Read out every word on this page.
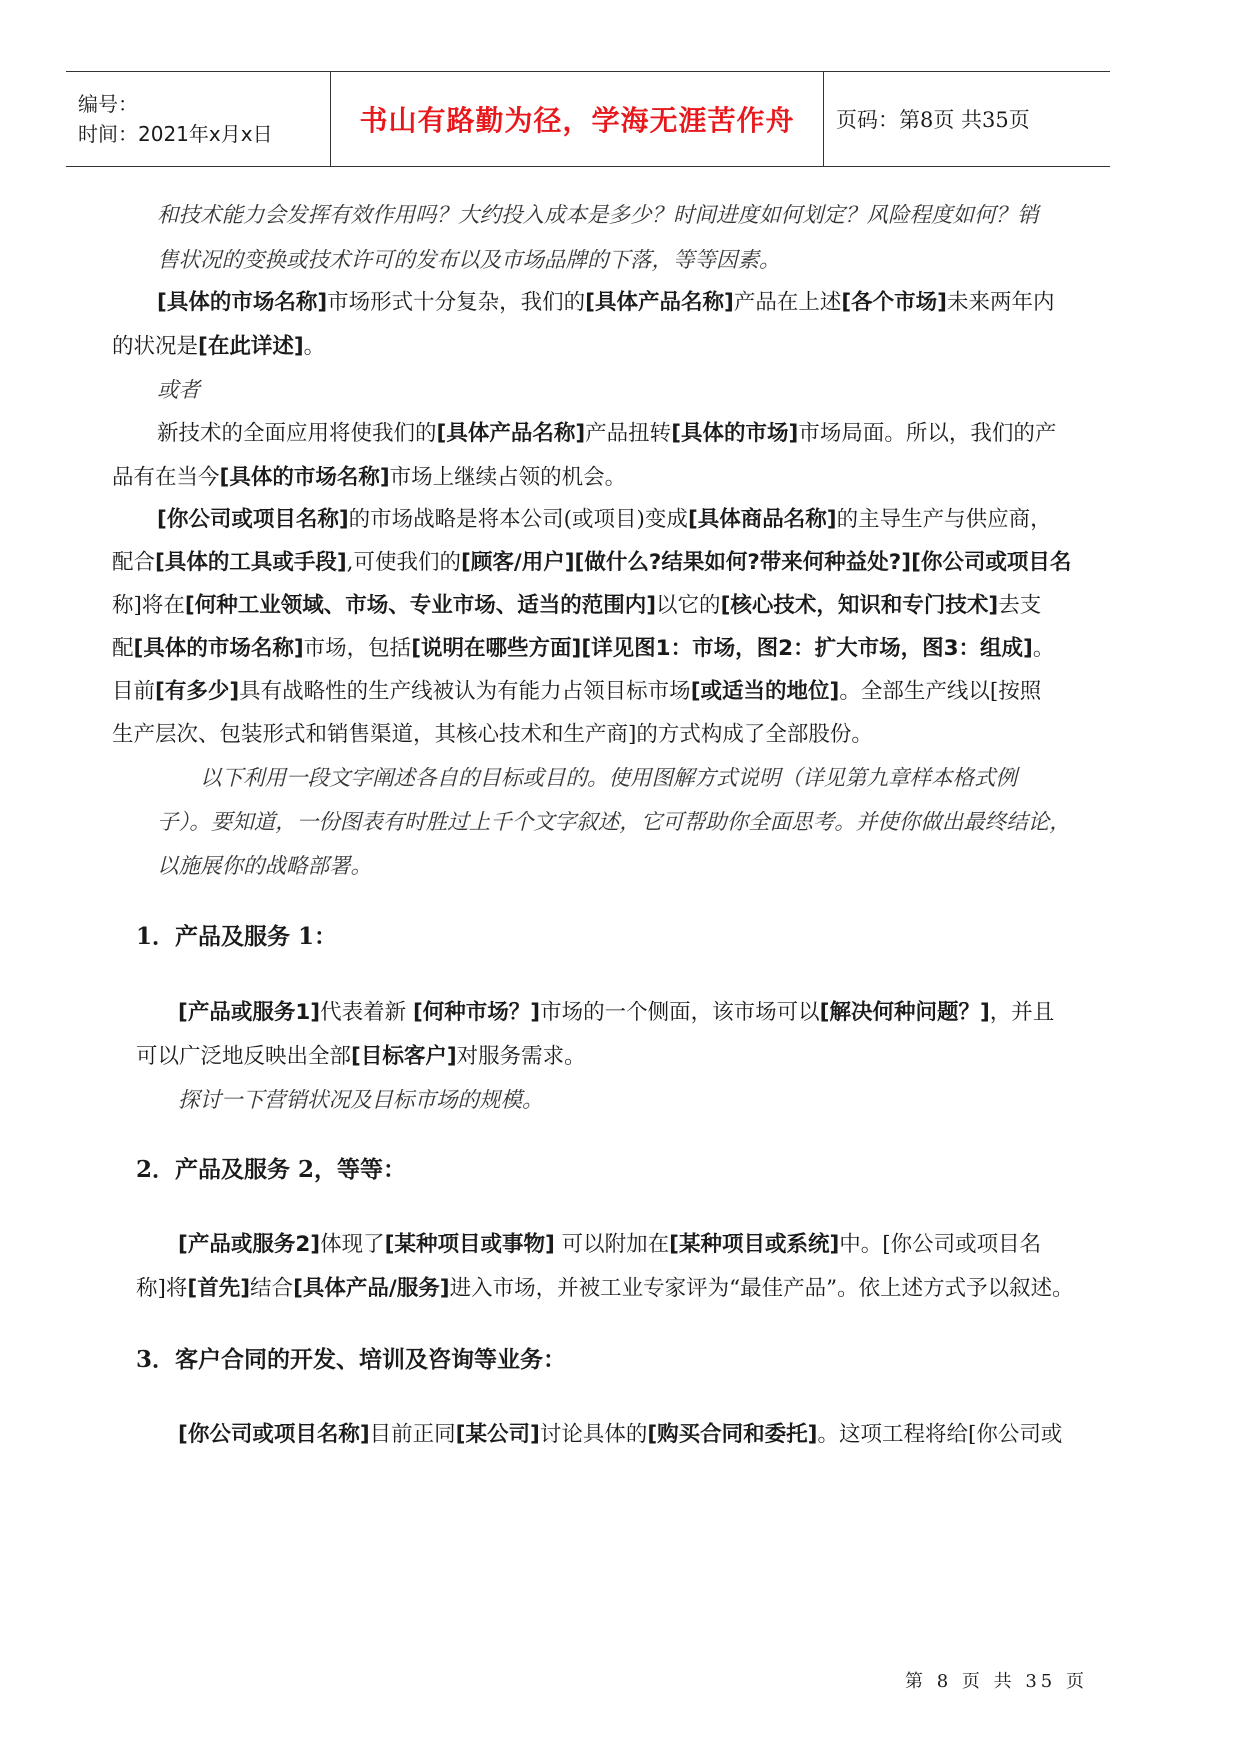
编号：
时间：2021年x月x日	书山有路勤为径，学海无涯苦作舟 页码：第8页 共35页
和技术能力会发挥有效作用吗？大约投入成本是多少？时间进度如何划定？风险程度如何？销
售状况的变换或技术许可的发布以及市场品牌的下落，等等因素。
[具体的市场名称]市场形式十分复杂，我们的[具体产品名称]产品在上述[各个市场]未来两年内
的状况是[在此详述]。
或者
新技术的全面应用将使我们的[具体产品名称]产品扭转[具体的市场]市场局面。所以，我们的产
品有在当今[具体的市场名称]市场上继续占领的机会。
[你公司或项目名称]的市场战略是将本公司(或项目)变成[具体商品名称]的主导生产与供应商，
配合[具体的工具或手段],可使我们的[顾客/用户][做什么?结果如何?带来何种益处?][你公司或项目名
称]将在[何种工业领域、市场、专业市场、适当的范围内]以它的[核心技术，知识和专门技术]去支
配[具体的市场名称]市场，包括[说明在哪些方面][详见图1：市场，图2：扩大市场，图3：组成]。
目前[有多少]具有战略性的生产线被认为有能力占领目标市场[或适当的地位]。全部生产线以[按照
生产层次、包装形式和销售渠道，其核心技术和生产商]的方式构成了全部股份。
以下利用一段文字阐述各自的目标或目的。使用图解方式说明（详见第九章样本格式例
子）。要知道，一份图表有时胜过上千个文字叙述，它可帮助你全面思考。并使你做出最终结论，
以施展你的战略部署。
1．产品及服务 1：
[产品或服务1]代表着新 [何种市场？]市场的一个侧面，该市场可以[解决何种问题？]，并且
可以广泛地反映出全部[目标客户]对服务需求。
探讨一下营销状况及目标市场的规模。
2．产品及服务 2，等等：
[产品或服务2]体现了[某种项目或事物] 可以附加在[某种项目或系统]中。[你公司或项目名
称]将[首先]结合[具体产品/服务]进入市场，并被工业专家评为“最佳产品”。依上述方式予以叙述。
3．客户合同的开发、培训及咨询等业务：
[你公司或项目名称]目前正同[某公司]讨论具体的[购买合同和委托]。这项工程将给[你公司或
第 8 页 共 35 页
